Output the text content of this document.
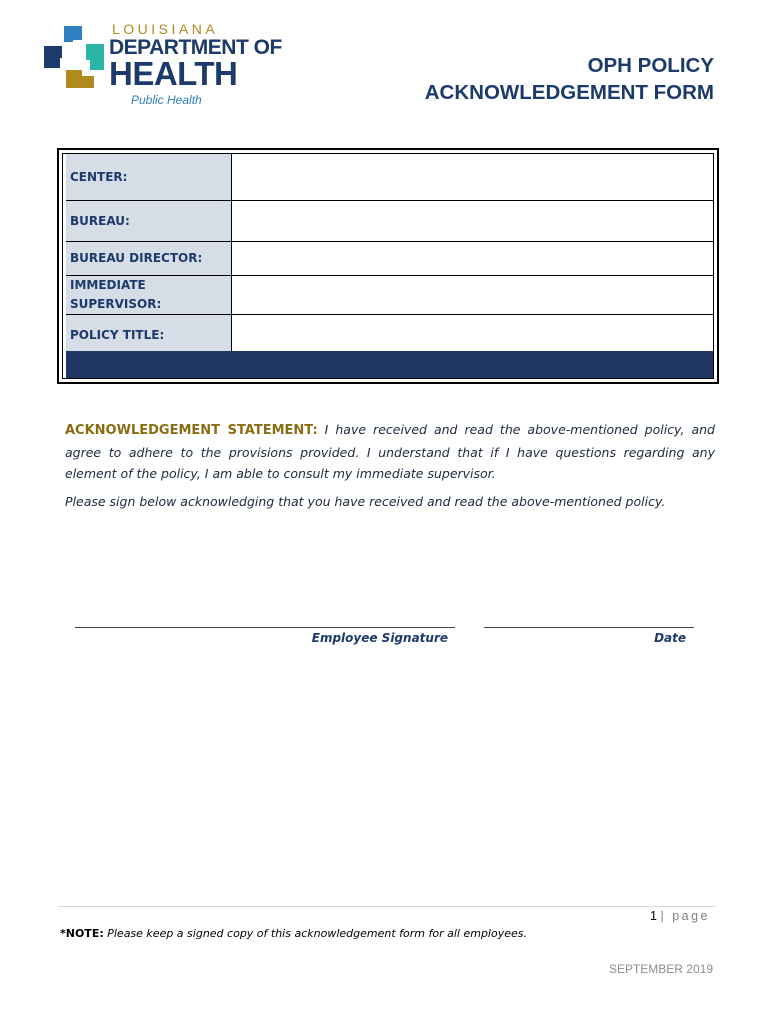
LOUISIANA
DEPARTMENT OF
HEALTH
Public Health
OPH POLICY
ACKNOWLEDGEMENT FORM
CENTER:
BUREAU:
BUREAU DIRECTOR:
IMMEDIATE SUPERVISOR:
POLICY TITLE:
ACKNOWLEDGEMENT STATEMENT: I have received and read the above-mentioned policy, and agree to adhere to the provisions provided. I understand that if I have questions regarding any element of the policy, I am able to consult my immediate supervisor.
Please sign below acknowledging that you have received and read the above-mentioned policy.
Employee Signature	Date
1 | page
*NOTE: Please keep a signed copy of this acknowledgement form for all employees.
SEPTEMBER 2019
